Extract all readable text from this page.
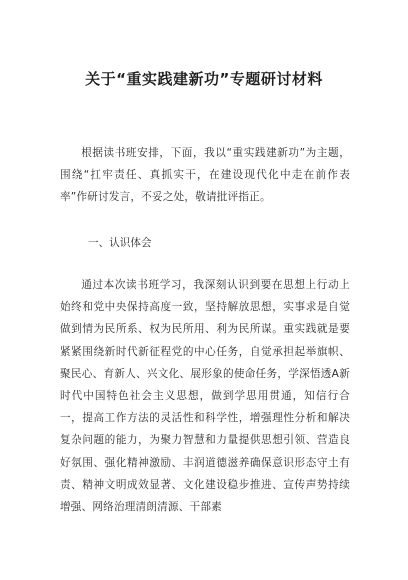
关于“重实践建新功”专题研讨材料
根据读书班安排，下面，我以“重实践建新功”为主题，围绕“扛牢责任、真抓实干，在建设现代化中走在前作表率”作研讨发言，不妥之处，敬请批评指正。
一、认识体会
通过本次读书班学习，我深刻认识到要在思想上行动上始终和党中央保持高度一致，坚持解放思想，实事求是自觉做到情为民所系、权为民所用、利为民所谋。重实践就是要紧紧围绕新时代新征程党的中心任务，自觉承担起举旗帜、聚民心、育新人、兴文化、展形象的使命任务，学深悟透A新时代中国特色社会主义思想，做到学思用贯通，知信行合一，提高工作方法的灵活性和科学性，增强理性分析和解决复杂问题的能力，为聚力智慧和力量提供思想引领、营造良好氛围、强化精神激励、丰润道德滋养确保意识形态守土有责、精神文明成效显著、文化建设稳步推进、宣传声势持续增强、网络治理清朗清源、干部素
